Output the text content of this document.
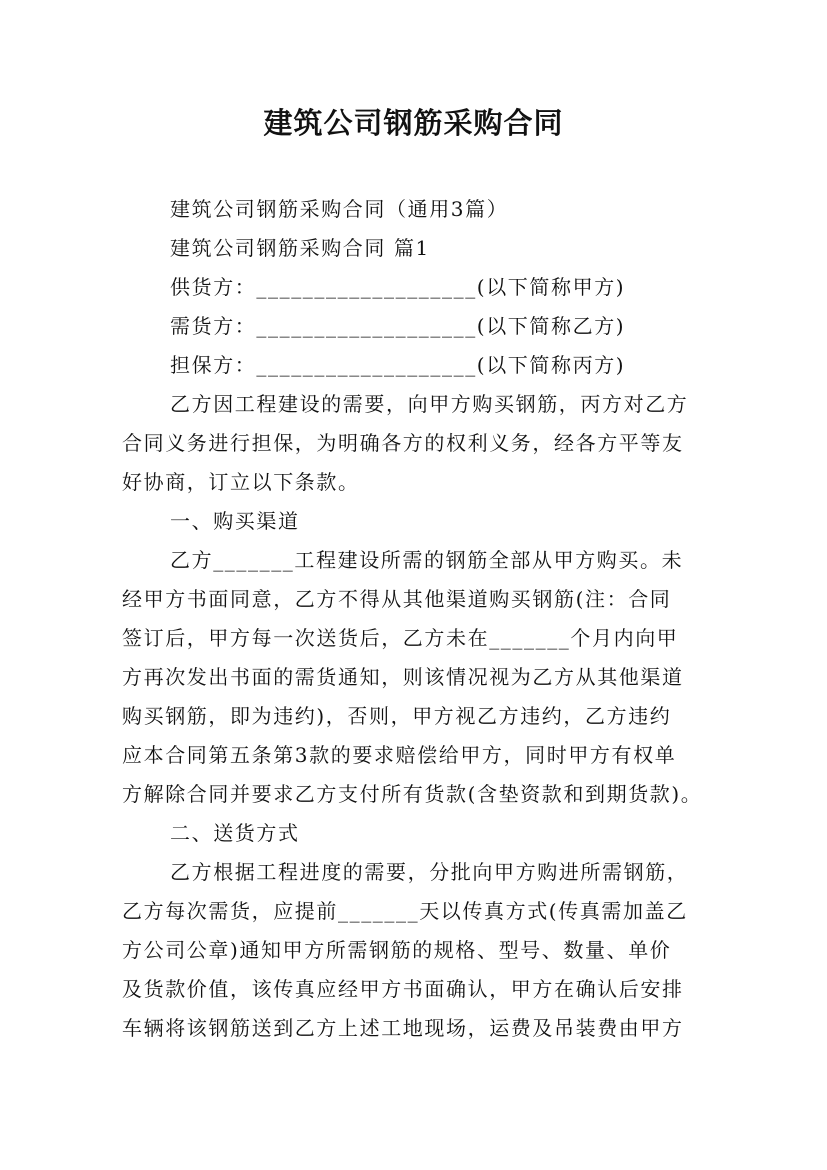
建筑公司钢筋采购合同
建筑公司钢筋采购合同（通用3篇）
建筑公司钢筋采购合同 篇1
供货方：___________________(以下简称甲方)
需货方：___________________(以下简称乙方)
担保方：___________________(以下简称丙方)
乙方因工程建设的需要，向甲方购买钢筋，丙方对乙方
合同义务进行担保，为明确各方的权利义务，经各方平等友
好协商，订立以下条款。
一、购买渠道
乙方_______工程建设所需的钢筋全部从甲方购买。未
经甲方书面同意，乙方不得从其他渠道购买钢筋(注：合同
签订后，甲方每一次送货后，乙方未在_______个月内向甲
方再次发出书面的需货通知，则该情况视为乙方从其他渠道
购买钢筋，即为违约)，否则，甲方视乙方违约，乙方违约
应本合同第五条第3款的要求赔偿给甲方，同时甲方有权单
方解除合同并要求乙方支付所有货款(含垫资款和到期货款)。
二、送货方式
乙方根据工程进度的需要，分批向甲方购进所需钢筋，
乙方每次需货，应提前_______天以传真方式(传真需加盖乙
方公司公章)通知甲方所需钢筋的规格、型号、数量、单价
及货款价值，该传真应经甲方书面确认，甲方在确认后安排
车辆将该钢筋送到乙方上述工地现场，运费及吊装费由甲方
